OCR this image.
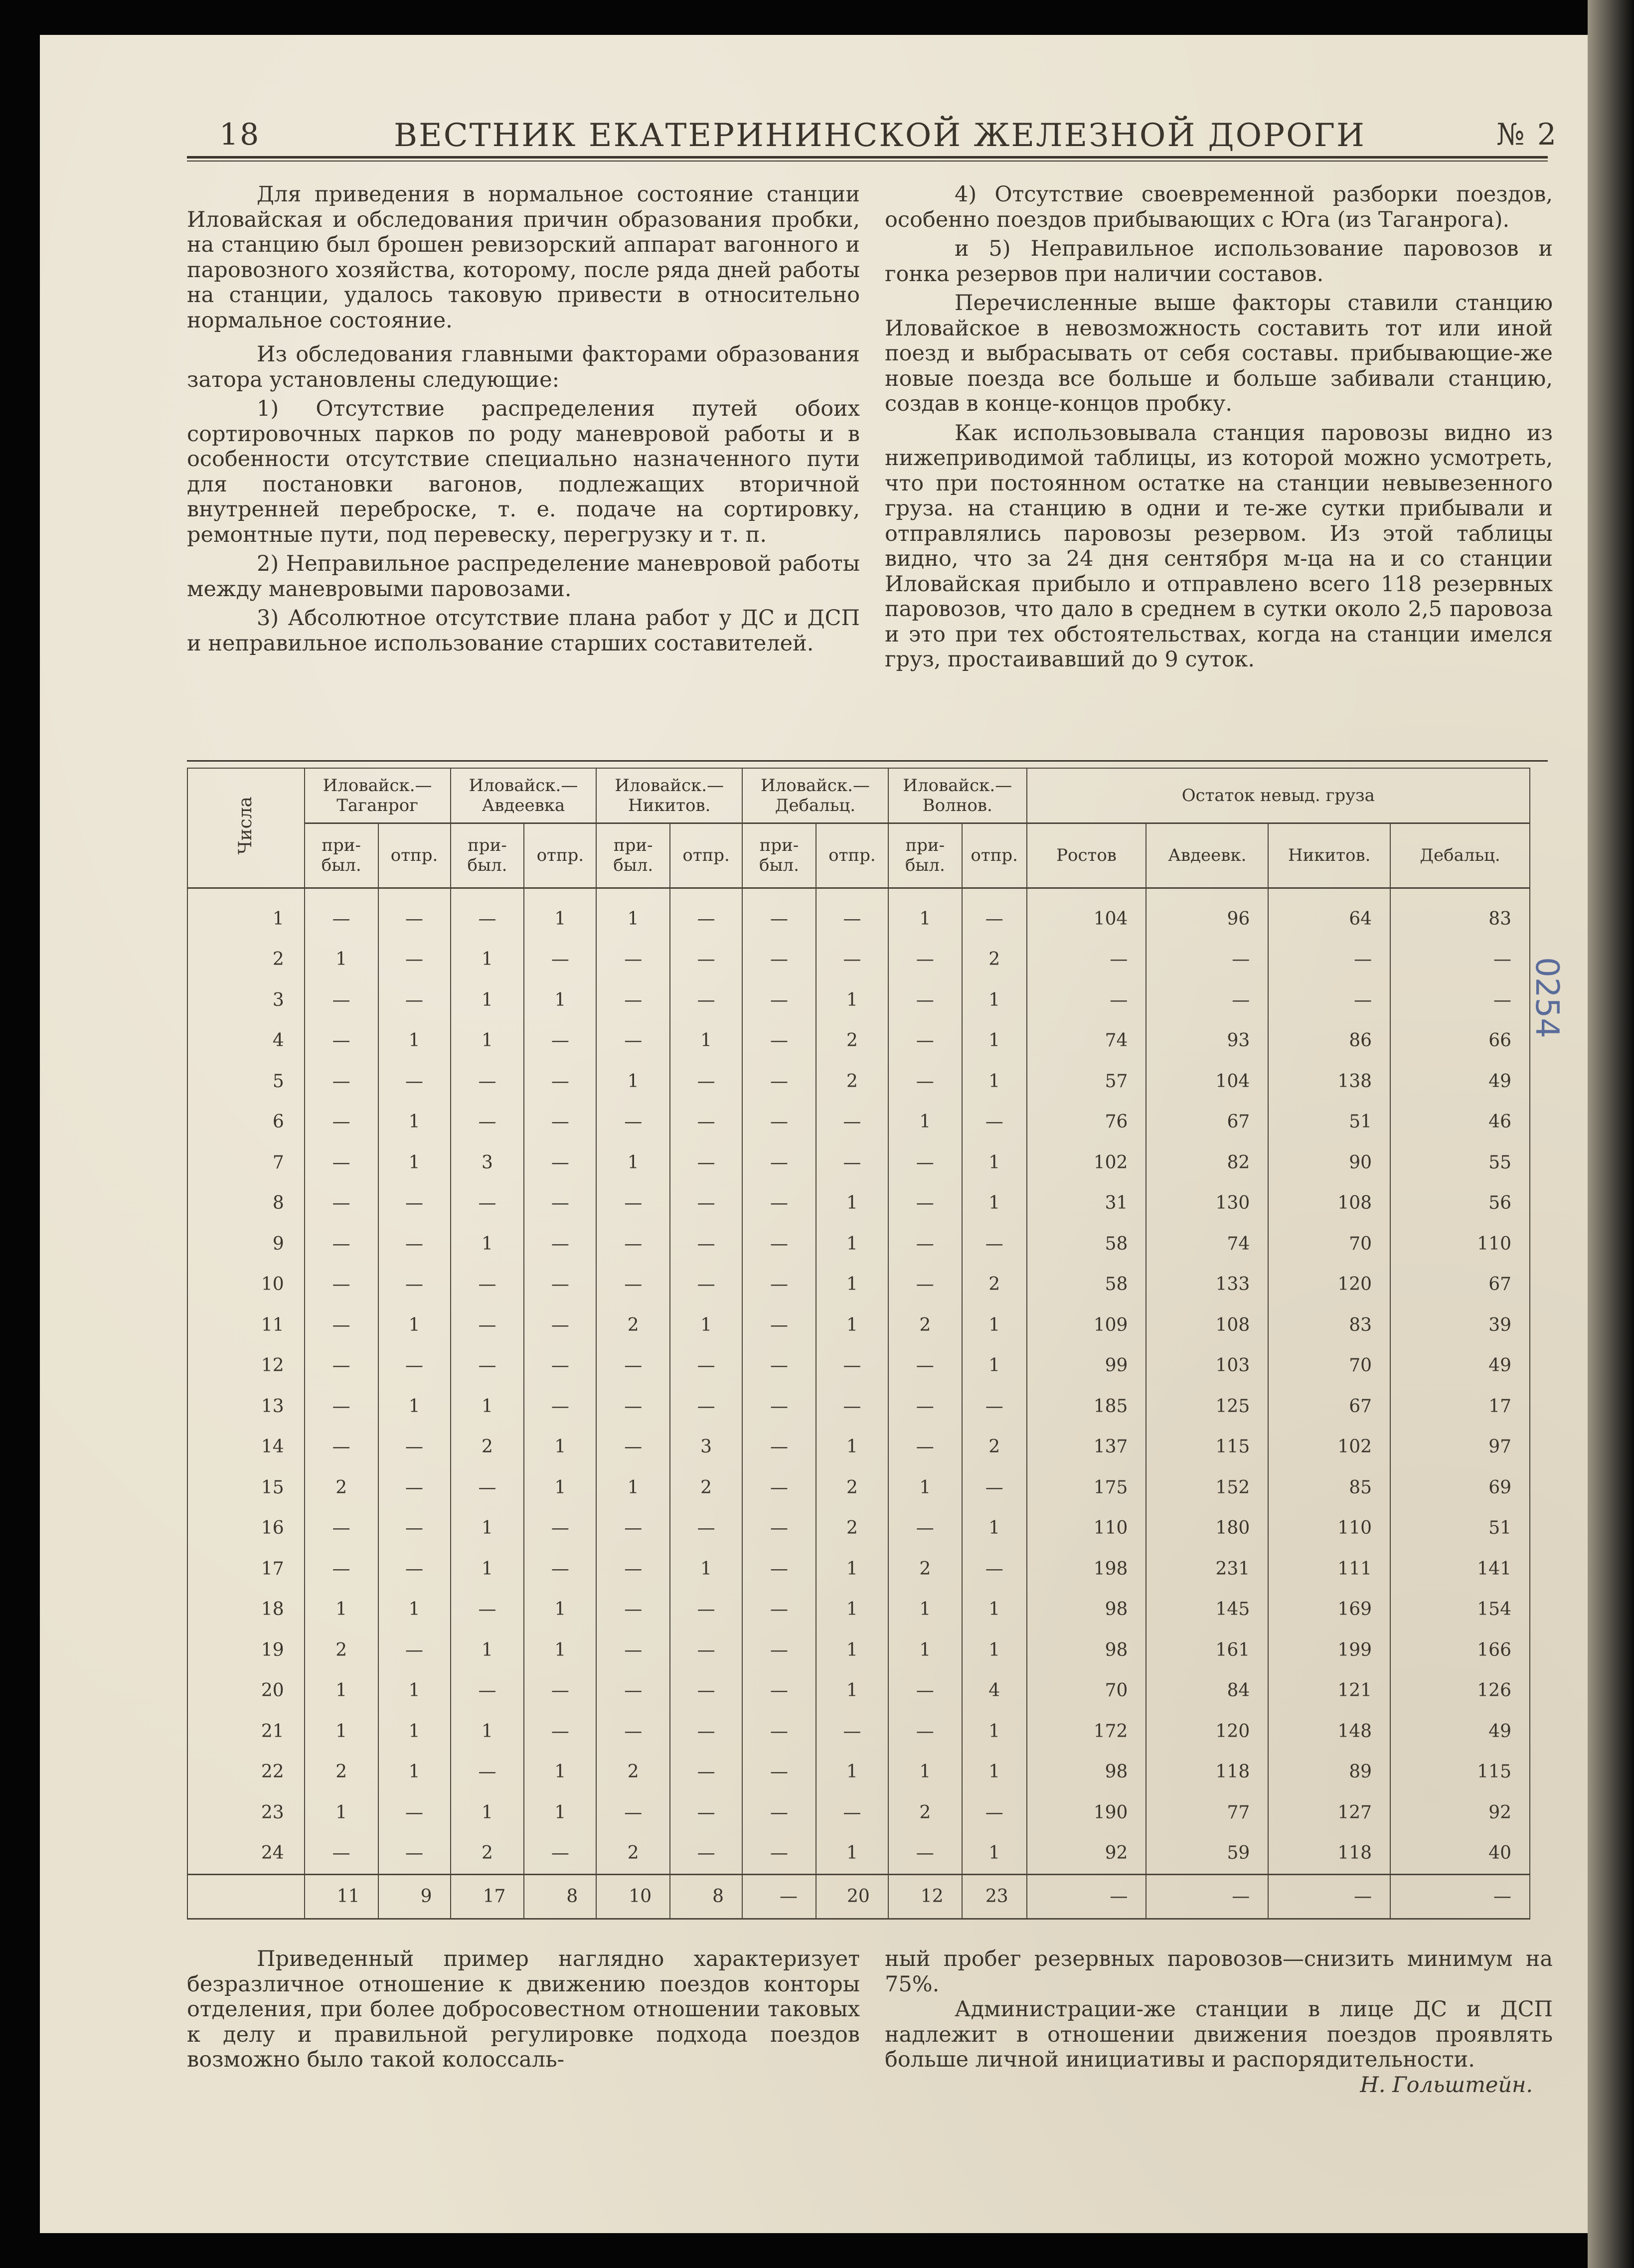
18	ВЕСТНИК ЕКАТЕРИНИНСКОЙ ЖЕЛЕЗНОЙ ДОРОГИ	№ 2

Для приведения в нормальное состояние станции Иловайская и обследования причин образования пробки, на станцию был брошен ревизорский аппарат вагонного и паровозного хозяйства, которому, после ряда дней работы на станции, удалось таковую привести в относительно нормальное состояние.

Из обследования главными факторами образования затора установлены следующие:

1) Отсутствие распределения путей обоих сортировочных парков по роду маневровой работы и в особенности отсутствие специально назначенного пути для постановки вагонов, подлежащих вторичной внутренней переброске, т. е. подаче на сортировку, ремонтные пути, под перевеску, перегрузку и т. п.

2) Неправильное распределение маневровой работы между маневровыми паровозами.

3) Абсолютное отсутствие плана работ у ДС и ДСП и неправильное использование старших составителей.

4) Отсутствие своевременной разборки поездов, особенно поездов прибывающих с Юга (из Таганрога).

и 5) Неправильное использование паровозов и гонка резервов при наличии составов.

Перечисленные выше факторы ставили станцию Иловайское в невозможность составить тот или иной поезд и выбрасывать от себя составы. прибывающие-же новые поезда все больше и больше забивали станцию, создав в конце-концов пробку.

Как использовывала станция паровозы видно из нижеприводимой таблицы, из которой можно усмотреть, что при постоянном остатке на станции невывезенного груза. на станцию в одни и те-же сутки прибывали и отправлялись паровозы резервом. Из этой таблицы видно, что за 24 дня сентября м-ца на и со станции Иловайская прибыло и отправлено всего 118 резервных паровозов, что дало в среднем в сутки около 2,5 паровоза и это при тех обстоятельствах, когда на станции имелся груз, простаивавший до 9 суток.

Числа	Иловайск.— Таганрог		Иловайск.— Авдеевка		Иловайск.— Никитов.		Иловайск.— Дебальц.		Иловайск.— Волнов.		Остаток невыд. груза			
	при-был.	отпр.	при-был.	отпр.	при-был.	отпр.	при-был.	отпр.	при-был.	отпр.	Ростов	Авдеевк.	Никитов.	Дебальц.
1	—	—	—	1	1	—	—	—	1	—	104	96	64	83
2	1	—	1	—	—	—	—	—	—	2	—	—	—	—
3	—	—	1	1	—	—	—	1	—	1	—	—	—	—
4	—	1	1	—	—	1	—	2	—	1	74	93	86	66
5	—	—	—	—	1	—	—	2	—	1	57	104	138	49
6	—	1	—	—	—	—	—	—	1	—	76	67	51	46
7	—	1	3	—	1	—	—	—	—	1	102	82	90	55
8	—	—	—	—	—	—	—	1	—	1	31	130	108	56
9	—	—	1	—	—	—	—	1	—	—	58	74	70	110
10	—	—	—	—	—	—	—	1	—	2	58	133	120	67
11	—	1	—	—	2	1	—	1	2	1	109	108	83	39
12	—	—	—	—	—	—	—	—	—	1	99	103	70	49
13	—	1	1	—	—	—	—	—	—	—	185	125	67	17
14	—	—	2	1	—	3	—	1	—	2	137	115	102	97
15	2	—	—	1	1	2	—	2	1	—	175	152	85	69
16	—	—	1	—	—	—	—	2	—	1	110	180	110	51
17	—	—	1	—	—	1	—	1	2	—	198	231	111	141
18	1	1	—	1	—	—	—	1	1	1	98	145	169	154
19	2	—	1	1	—	—	—	1	1	1	98	161	199	166
20	1	1	—	—	—	—	—	1	—	4	70	84	121	126
21	1	1	1	—	—	—	—	—	—	1	172	120	148	49
22	2	1	—	1	2	—	—	1	1	1	98	118	89	115
23	1	—	1	1	—	—	—	—	2	—	190	77	127	92
24	—	—	2	—	2	—	—	1	—	1	92	59	118	40
	11	9	17	8	10	8	—	20	12	23	—	—	—	—

Приведенный пример наглядно характеризует безразличное отношение к движению поездов конторы отделения, при более добросовестном отношении таковых к делу и правильной регулировке подхода поездов возможно было такой колоссаль-

ный пробег резервных паровозов—снизить минимум на 75%.

Администрации-же станции в лице ДС и ДСП надлежит в отношении движения поездов проявлять больше личной инициативы и распорядительности.

Н. Гольштейн.

0254
